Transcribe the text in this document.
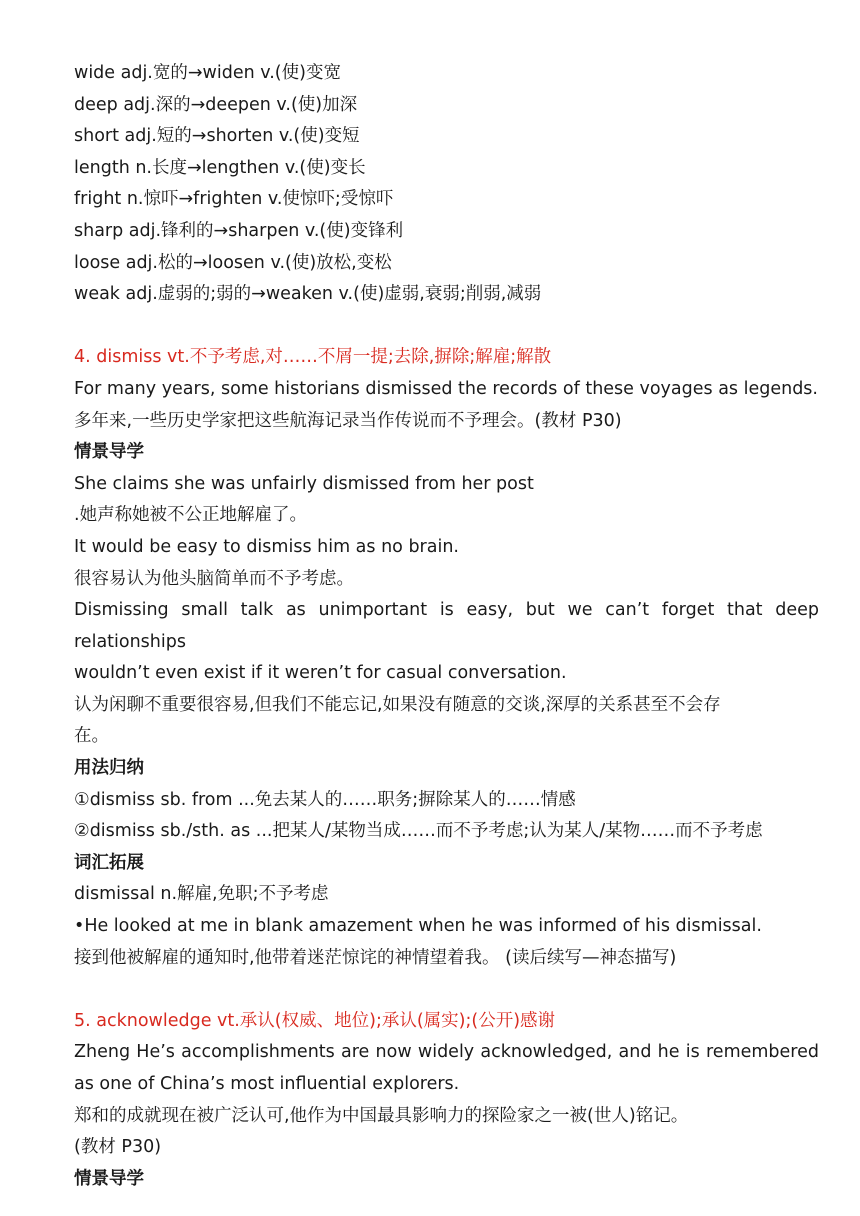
wide adj.宽的→widen v.(使)变宽
deep adj.深的→deepen v.(使)加深
short adj.短的→shorten v.(使)变短
length n.长度→lengthen v.(使)变长
fright n.惊吓→frighten v.使惊吓;受惊吓
sharp adj.锋利的→sharpen v.(使)变锋利
loose adj.松的→loosen v.(使)放松,变松
weak adj.虚弱的;弱的→weaken v.(使)虚弱,衰弱;削弱,减弱
4. dismiss vt.不予考虑,对……不屑一提;去除,摒除;解雇;解散
For many years, some historians dismissed the records of these voyages as legends.
多年来,一些历史学家把这些航海记录当作传说而不予理会。(教材 P30)
情景导学
She claims she was unfairly dismissed from her post
.她声称她被不公正地解雇了。
It would be easy to dismiss him as no brain.
很容易认为他头脑简单而不予考虑。
Dismissing small talk as unimportant is easy, but we can’t forget that deep
relationships
wouldn’t even exist if it weren’t for casual conversation.
认为闲聊不重要很容易,但我们不能忘记,如果没有随意的交谈,深厚的关系甚至不会存
在。
用法归纳
①dismiss sb. from ...免去某人的……职务;摒除某人的……情感
②dismiss sb./sth. as ...把某人/某物当成……而不予考虑;认为某人/某物……而不予考虑
词汇拓展
dismissal n.解雇,免职;不予考虑
•He looked at me in blank amazement when he was informed of his dismissal.
接到他被解雇的通知时,他带着迷茫惊诧的神情望着我。 (读后续写—神态描写)
5. acknowledge vt.承认(权威、地位);承认(属实);(公开)感谢
Zheng He’s accomplishments are now widely acknowledged, and he is remembered
as one of China’s most influential explorers.
郑和的成就现在被广泛认可,他作为中国最具影响力的探险家之一被(世人)铭记。
(教材 P30)
情景导学
